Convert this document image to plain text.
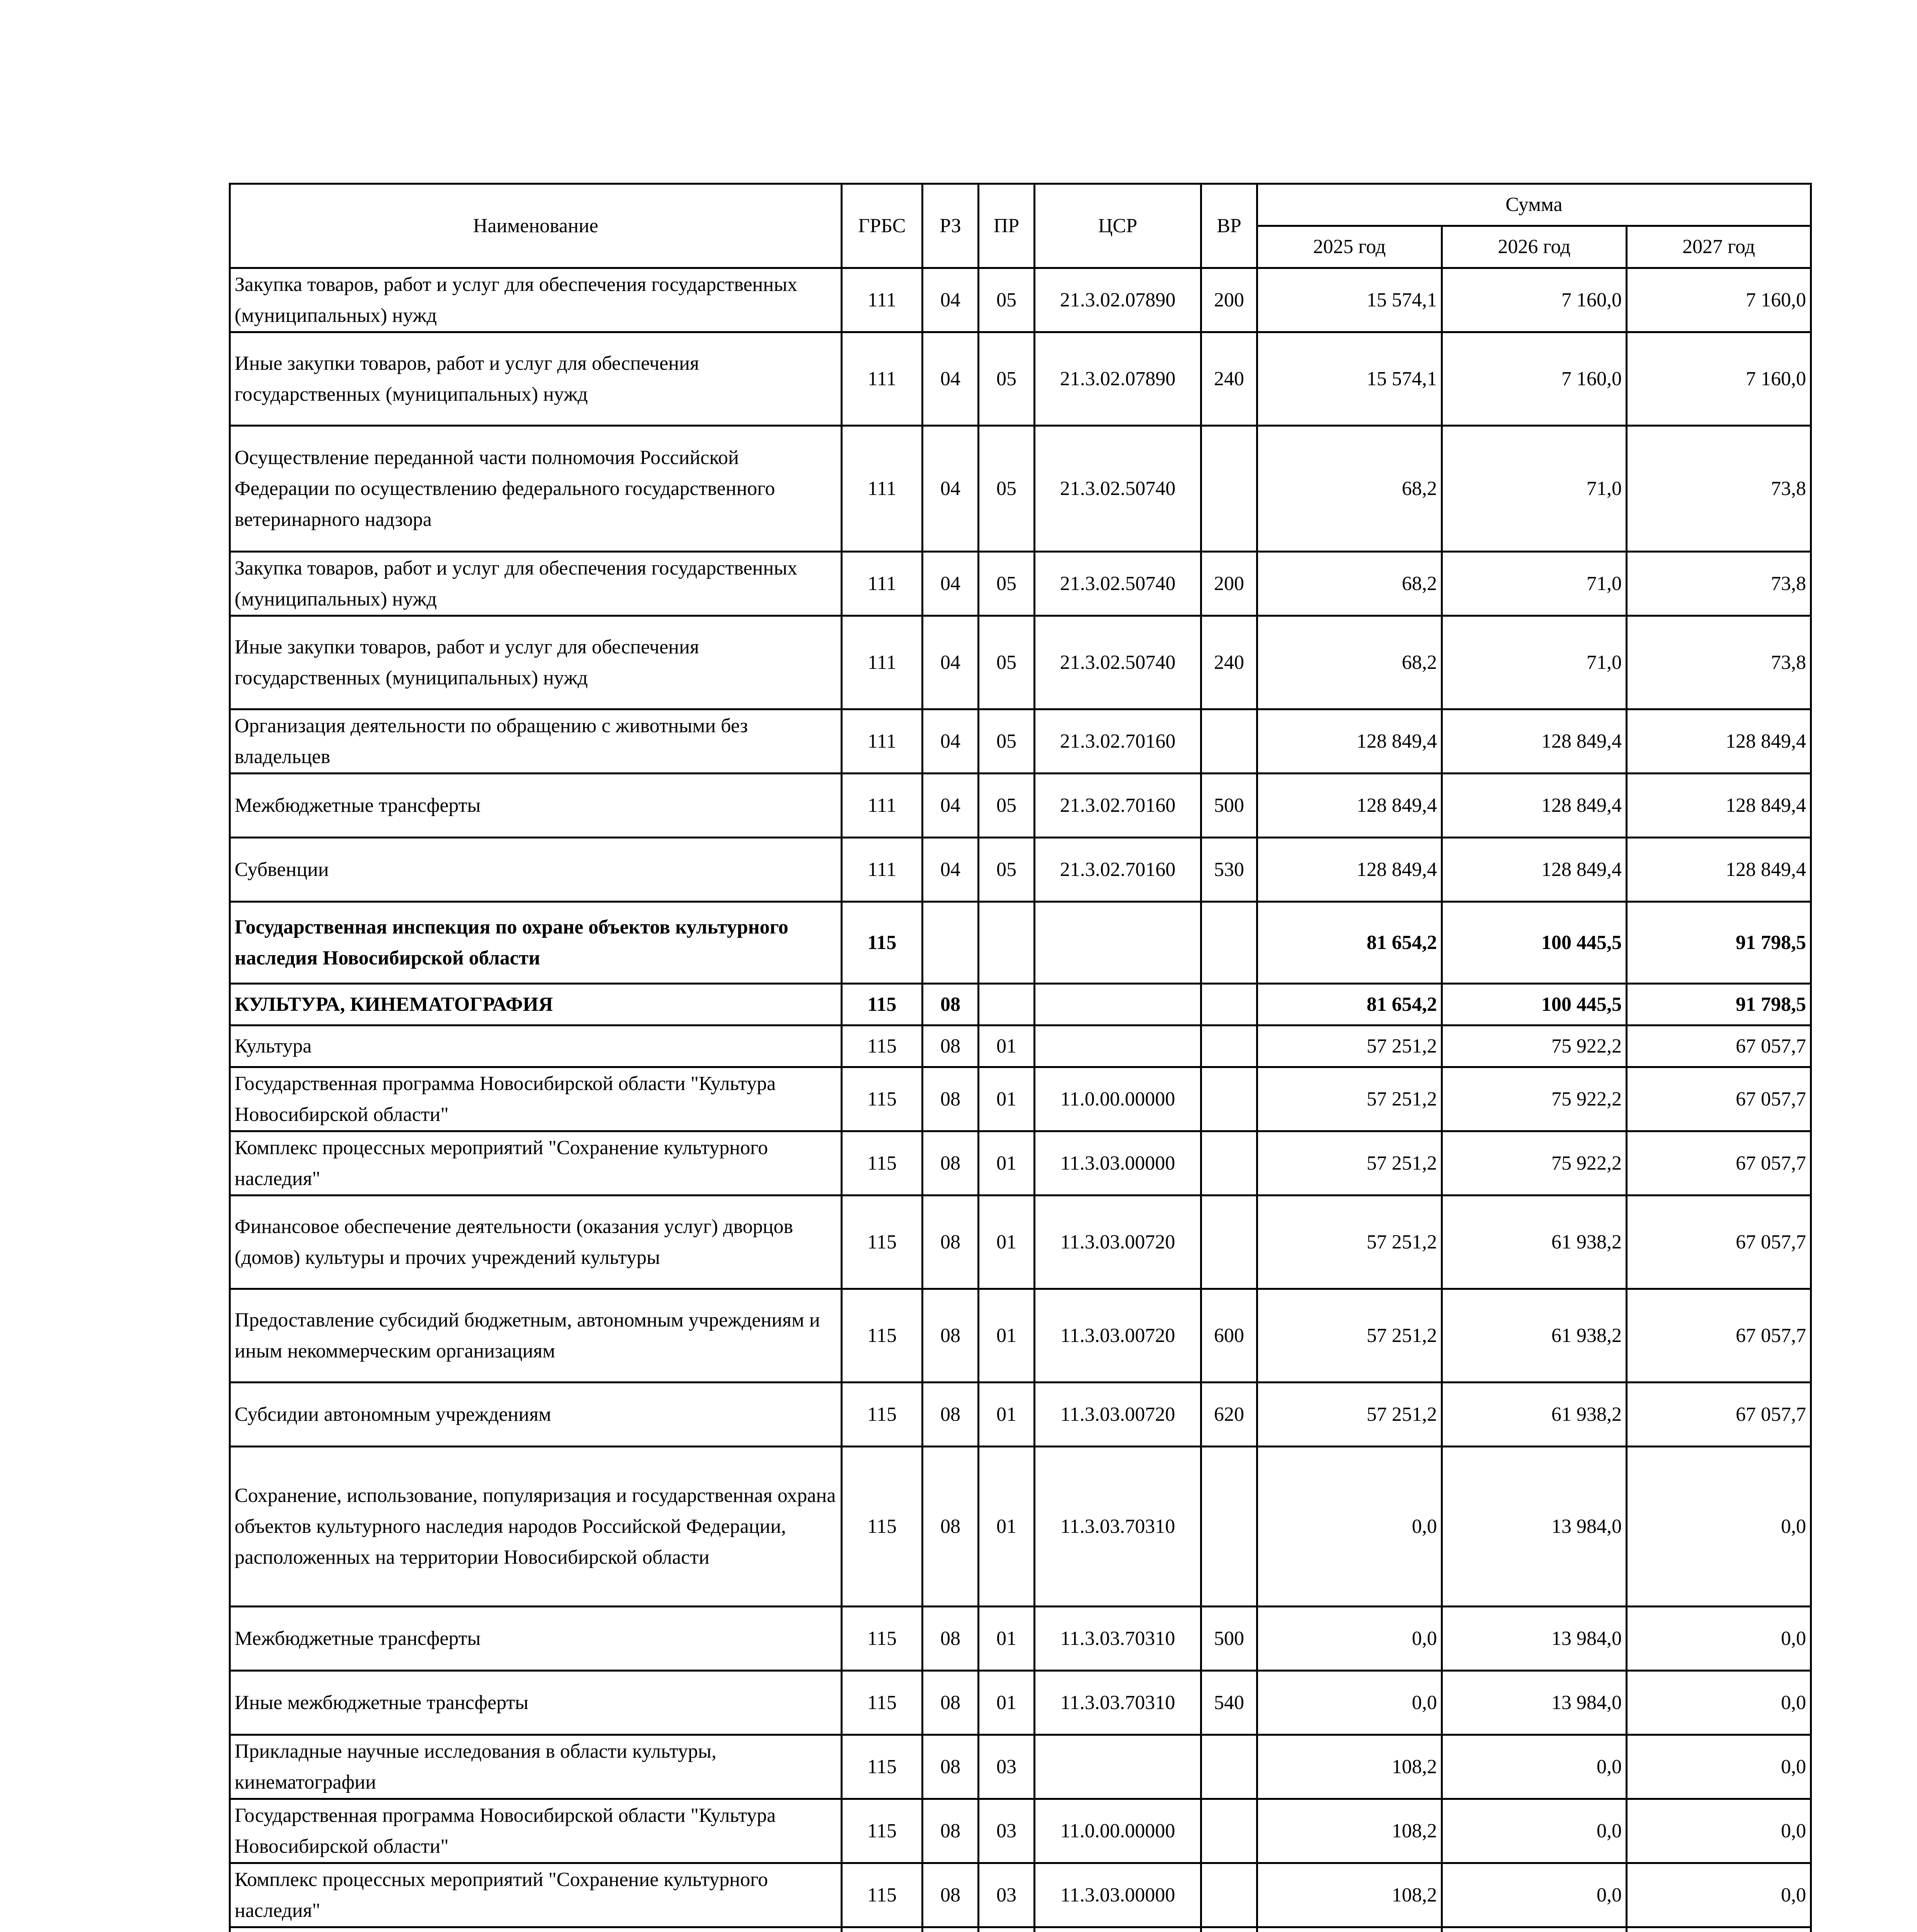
Наименование	ГРБС	РЗ	ПР	ЦСР	ВР	Сумма		
						2025 год	2026 год	2027 год
Закупка товаров, работ и услуг для обеспечения государственных (муниципальных) нужд	111	04	05	21.3.02.07890	200	15 574,1	7 160,0	7 160,0
Иные закупки товаров, работ и услуг для обеспечения государственных (муниципальных) нужд	111	04	05	21.3.02.07890	240	15 574,1	7 160,0	7 160,0
Осуществление переданной части полномочия Российской Федерации по осуществлению федерального государственного ветеринарного надзора	111	04	05	21.3.02.50740		68,2	71,0	73,8
Закупка товаров, работ и услуг для обеспечения государственных (муниципальных) нужд	111	04	05	21.3.02.50740	200	68,2	71,0	73,8
Иные закупки товаров, работ и услуг для обеспечения государственных (муниципальных) нужд	111	04	05	21.3.02.50740	240	68,2	71,0	73,8
Организация деятельности по обращению с животными без владельцев	111	04	05	21.3.02.70160		128 849,4	128 849,4	128 849,4
Межбюджетные трансферты	111	04	05	21.3.02.70160	500	128 849,4	128 849,4	128 849,4
Субвенции	111	04	05	21.3.02.70160	530	128 849,4	128 849,4	128 849,4
Государственная инспекция по охране объектов культурного наследия Новосибирской области	115					81 654,2	100 445,5	91 798,5
КУЛЬТУРА, КИНЕМАТОГРАФИЯ	115	08				81 654,2	100 445,5	91 798,5
Культура	115	08	01			57 251,2	75 922,2	67 057,7
Государственная программа Новосибирской области "Культура Новосибирской области"	115	08	01	11.0.00.00000		57 251,2	75 922,2	67 057,7
Комплекс процессных мероприятий "Сохранение культурного наследия"	115	08	01	11.3.03.00000		57 251,2	75 922,2	67 057,7
Финансовое обеспечение деятельности (оказания услуг) дворцов (домов) культуры и прочих учреждений культуры	115	08	01	11.3.03.00720		57 251,2	61 938,2	67 057,7
Предоставление субсидий бюджетным, автономным учреждениям и иным некоммерческим организациям	115	08	01	11.3.03.00720	600	57 251,2	61 938,2	67 057,7
Субсидии автономным учреждениям	115	08	01	11.3.03.00720	620	57 251,2	61 938,2	67 057,7
Сохранение, использование, популяризация и государственная охрана объектов культурного наследия народов Российской Федерации, расположенных на территории Новосибирской области	115	08	01	11.3.03.70310		0,0	13 984,0	0,0
Межбюджетные трансферты	115	08	01	11.3.03.70310	500	0,0	13 984,0	0,0
Иные межбюджетные трансферты	115	08	01	11.3.03.70310	540	0,0	13 984,0	0,0
Прикладные научные исследования в области культуры, кинематографии	115	08	03			108,2	0,0	0,0
Государственная программа Новосибирской области "Культура Новосибирской области"	115	08	03	11.0.00.00000		108,2	0,0	0,0
Комплекс процессных мероприятий "Сохранение культурного наследия"	115	08	03	11.3.03.00000		108,2	0,0	0,0
